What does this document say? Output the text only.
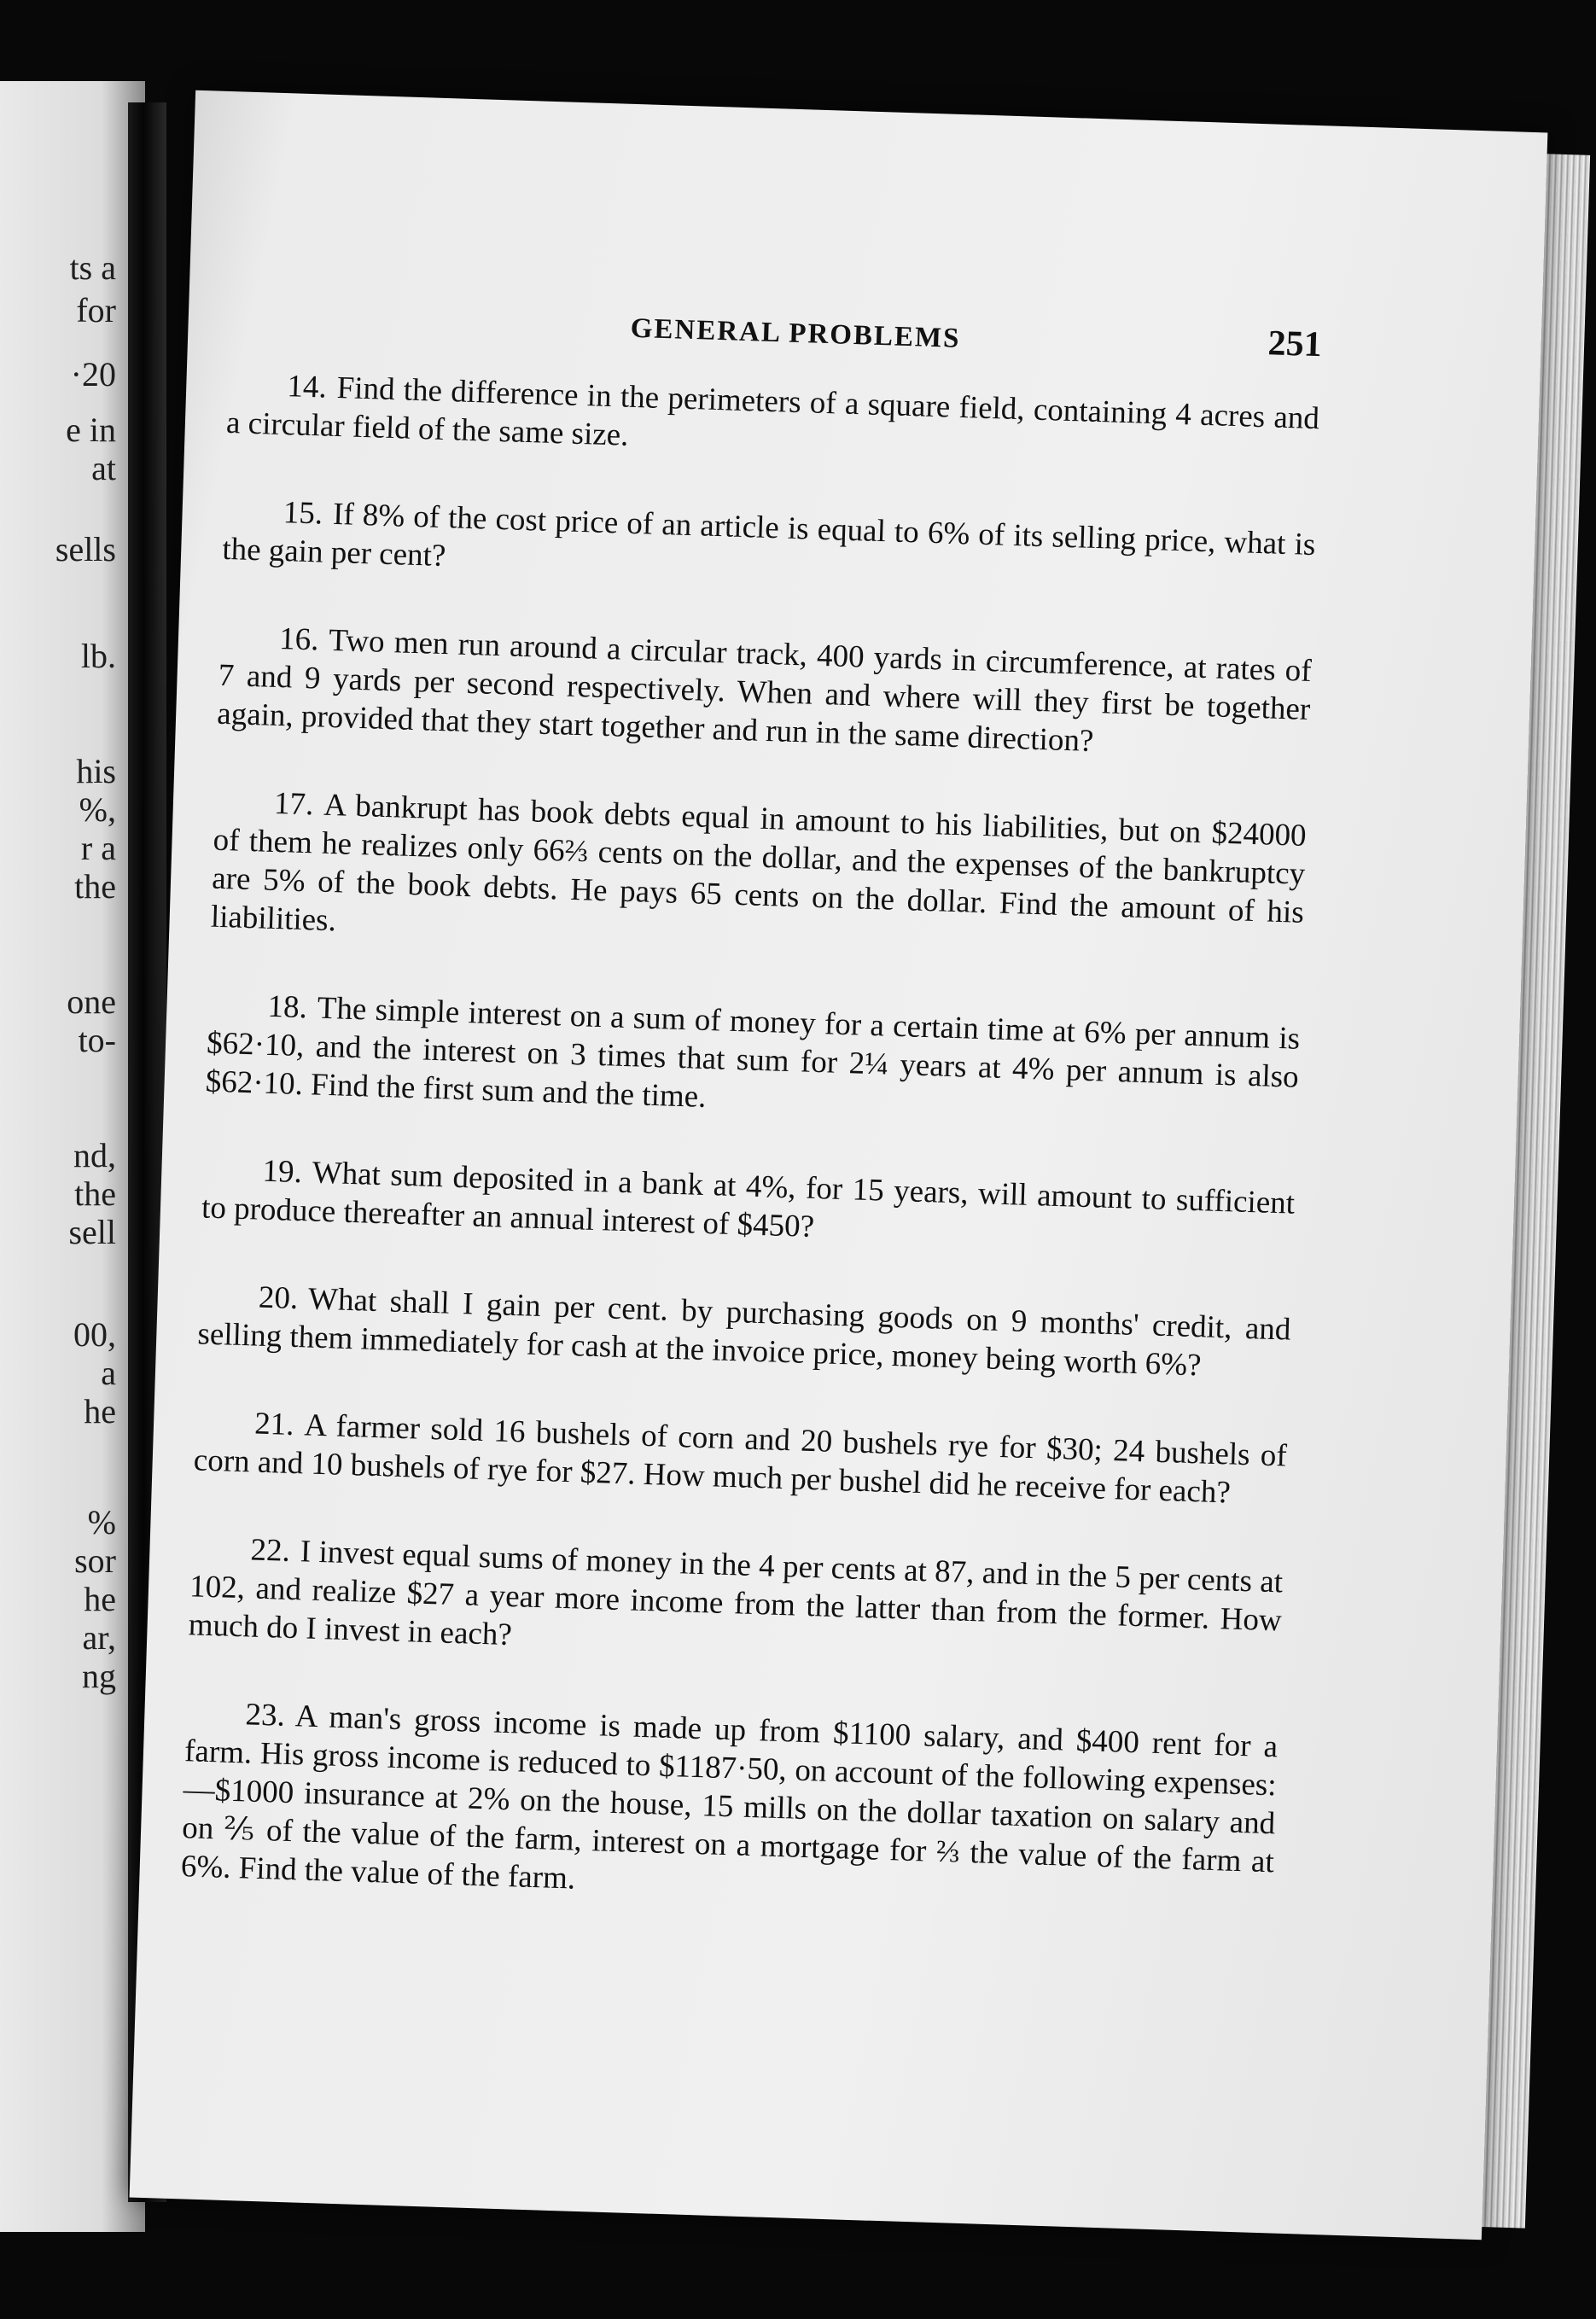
ts a
for
·20
e in
at
sells
lb.
his
%,
r a
the
one
to-
nd,
the
sell
00,
a
he
%
sor
he
ar,
ng
GENERAL PROBLEMS	251

14. Find the difference in the perimeters of a square field, containing 4 acres and a circular field of the same size.

15. If 8% of the cost price of an article is equal to 6% of its selling price, what is the gain per cent?

16. Two men run around a circular track, 400 yards in circumference, at rates of 7 and 9 yards per second respectively. When and where will they first be together again, provided that they start together and run in the same direction?

17. A bankrupt has book debts equal in amount to his liabilities, but on $24000 of them he realizes only 66⅔ cents on the dollar, and the expenses of the bankruptcy are 5% of the book debts. He pays 65 cents on the dollar. Find the amount of his liabilities.

18. The simple interest on a sum of money for a certain time at 6% per annum is $62·10, and the interest on 3 times that sum for 2¼ years at 4% per annum is also $62·10. Find the first sum and the time.

19. What sum deposited in a bank at 4%, for 15 years, will amount to sufficient to produce thereafter an annual interest of $450?

20. What shall I gain per cent. by purchasing goods on 9 months' credit, and selling them immediately for cash at the invoice price, money being worth 6%?

21. A farmer sold 16 bushels of corn and 20 bushels rye for $30; 24 bushels of corn and 10 bushels of rye for $27. How much per bushel did he receive for each?

22. I invest equal sums of money in the 4 per cents at 87, and in the 5 per cents at 102, and realize $27 a year more income from the latter than from the former. How much do I invest in each?

23. A man's gross income is made up from $1100 salary, and $400 rent for a farm. His gross income is reduced to $1187·50, on account of the following expenses:—$1000 insurance at 2% on the house, 15 mills on the dollar taxation on salary and on ⅖ of the value of the farm, interest on a mortgage for ⅔ the value of the farm at 6%. Find the value of the farm.
